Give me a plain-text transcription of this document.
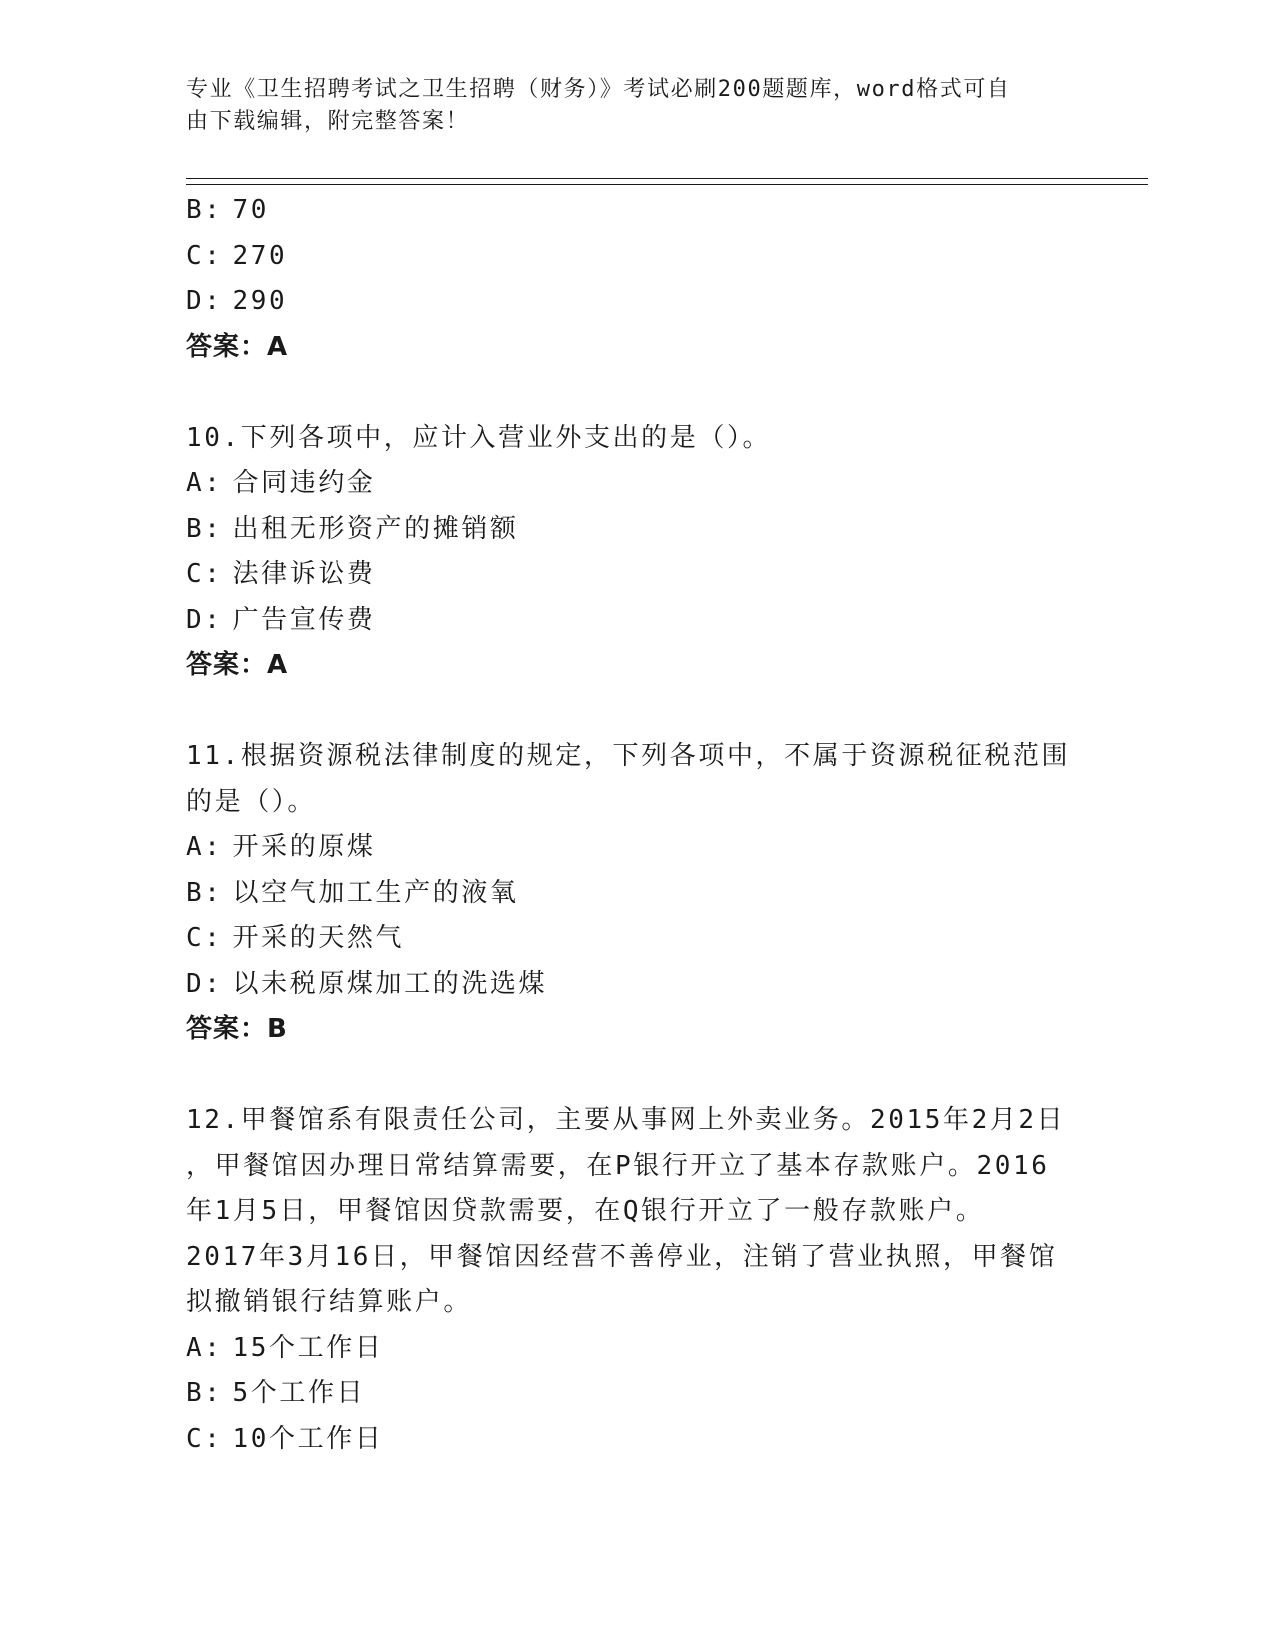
专业《卫生招聘考试之卫生招聘（财务）》考试必刷200题题库，word格式可自
由下载编辑，附完整答案！
B: 70
C: 270
D: 290
答案：A
10.下列各项中，应计入营业外支出的是（）。
A: 合同违约金
B: 出租无形资产的摊销额
C: 法律诉讼费
D: 广告宣传费
答案：A
11.根据资源税法律制度的规定，下列各项中，不属于资源税征税范围
的是（）。
A: 开采的原煤
B: 以空气加工生产的液氧
C: 开采的天然气
D: 以未税原煤加工的洗选煤
答案：B
12.甲餐馆系有限责任公司，主要从事网上外卖业务。2015年2月2日
，甲餐馆因办理日常结算需要，在P银行开立了基本存款账户。2016
年1月5日，甲餐馆因贷款需要，在Q银行开立了一般存款账户。
2017年3月16日，甲餐馆因经营不善停业，注销了营业执照，甲餐馆
拟撤销银行结算账户。
A: 15个工作日
B: 5个工作日
C: 10个工作日
